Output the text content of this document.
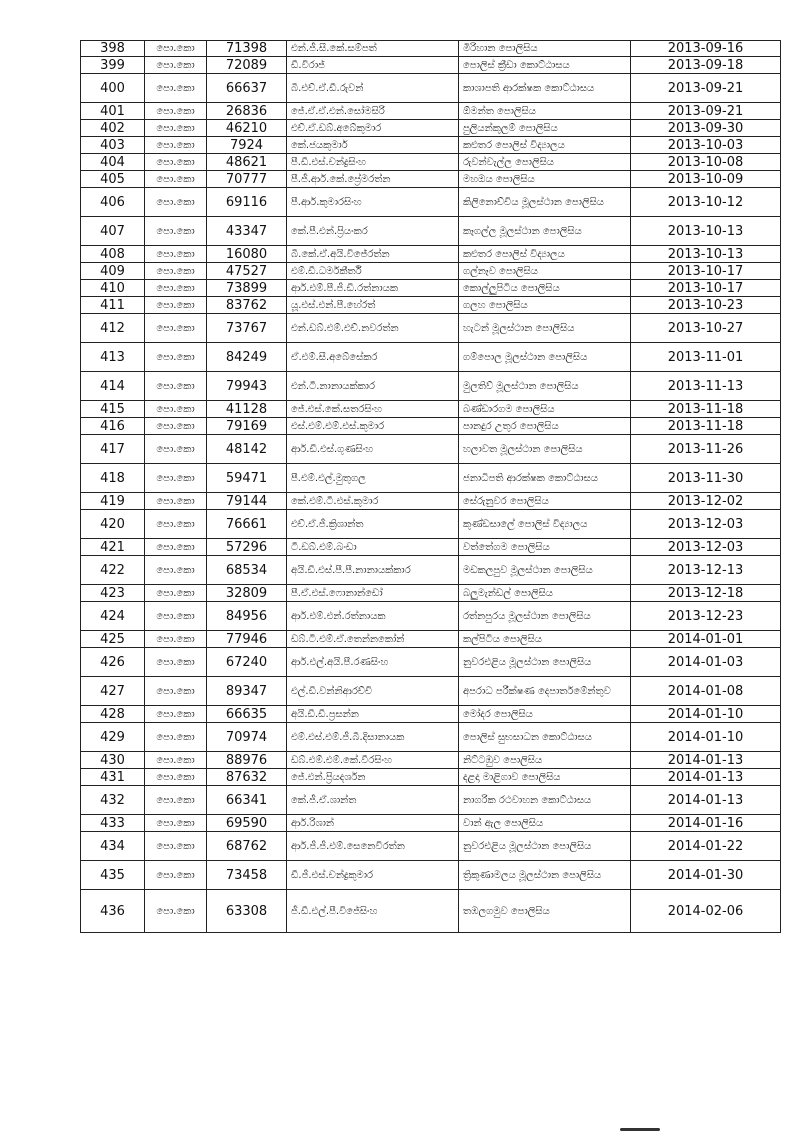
398	පො.කො	71398	එන්.ජී.සී.කේ.සම්පත්	මිරිහාන පොලිසිය	2013-09-16
399	පො.කො	72089	ඩී.විරාජ්	පොලිස් ක්‍රීඩා කොට්ඨාසය	2013-09-18
400	පො.කො	66637	බී.එච්.ඒ.ඩී.රුවන්	කාශාපති ආරක්ෂක කොට්ඨාසය	2013-09-21
401	පො.කො	26836	ජේ.ඒ.ඒ.එන්.සෝමසිරි	ඕමන්ත පොලිසිය	2013-09-21
402	පො.කො	46210	එච්.ඒ.ඩබ්.අබේකුමාර	පුලියන්කුලම් පොලිසිය	2013-09-30
403	පො.කො	7924	කේ.ජයකුමාර්	කළුතර පොලිස් විද්‍යාලය	2013-10-03
404	පො.කො	48621	පී.ඩී.එස්.චන්ද්‍රසිංහ	රුවන්වැල්ල පොලිසිය	2013-10-08
405	පො.කො	70777	පී.ජී.ආර්.කේ.ප්‍රේමරත්න	මහඔය පොලිසිය	2013-10-09
406	පො.කො	69116	පී.ආර්.කුමාරසිංහ	කිලිනොච්චිය මූලස්ථාන පොලිසිය	2013-10-12
407	පො.කො	43347	කේ.පී.එන්.ප්‍රියංකර	කෑගල්ල මූලස්ථාන පොලිසිය	2013-10-13
408	පො.කො	16080	බී.කේ.ඒ.අයි.විජේරත්න	කළුතර පොලිස් විද්‍යාලය	2013-10-13
409	පො.කො	47527	එම්.ඩී.ධර්මකීර්ති	ගල්නෑව පොලිසිය	2013-10-17
410	පො.කො	73899	ආර්.එම්.පී.ජී.ඩී.රත්නායක	කොල්ලුපිටිය පොලිසිය	2013-10-17
411	පො.කො	83762	යූ.එස්.එන්.පී.හේරත්	ගලහ පොලිසිය	2013-10-23
412	පො.කො	73767	එන්.ඩබ්.එම්.එච්.නවරත්න	හැටන් මූලස්ථාන පොලිසිය	2013-10-27
413	පො.කො	84249	ඒ.එම්.සී.අබේසේකර	ගම්පොල මූලස්ථාන පොලිසිය	2013-11-01
414	පො.කො	79943	එන්.ටී.නානායක්කාර	මුලතිව් මූලස්ථාන පොලිසිය	2013-11-13
415	පො.කො	41128	ජේ.එස්.කේ.සතරසිංහ	බණ්ඩාරගම පොලිසිය	2013-11-18
416	පො.කො	79169	එස්.එම්.එම්.එස්.කුමාර	පානදුර උතුර පොලිසිය	2013-11-18
417	පො.කො	48142	ආර්.ඩී.එස්.ගුණසිංහ	හලාවත මූලස්ථාන පොලිසිය	2013-11-26
418	පො.කො	59471	පී.එම්.එල්.මුතුගල	ජනාධිපති ආරක්ෂක කොට්ඨාසය	2013-11-30
419	පො.කො	79144	කේ.එම්.ටී.එස්.කුමාර	සේරුනුවර පොලිසිය	2013-12-02
420	පො.කො	76661	එච්.ඒ.ජී.ක්‍රිශාන්ත	කුණ්ඩසාලේ පොලිස් විද්‍යාලය	2013-12-03
421	පො.කො	57296	ටී.ඩබ්.එම්.බංඩා	වත්තේගම පොලිසිය	2013-12-03
422	පො.කො	68534	අයි.ඩී.එස්.පී.පී.නානායක්කාර	මඩකලපුව මූලස්ථාන පොලිසිය	2013-12-13
423	පො.කො	32809	පී.ඒ.එස්.ෆොනාන්ඩෝ	බලුමැන්ඩල් පොලිසිය	2013-12-18
424	පො.කො	84956	ආර්.එම්.එන්.රත්නායක	රත්නපුරය මූලස්ථාන පොලිසිය	2013-12-23
425	පො.කො	77946	ඩබ්.ටී.එම්.ඒ.තෙන්නකෝන්	කල්පිටිය පොලිසිය	2014-01-01
426	පො.කො	67240	ආර්.එල්.අයි.පී.රණසිංහ	නුවරඑළිය මූලස්ථාන පොලිසිය	2014-01-03
427	පො.කො	89347	එල්.ඩී.වන්නිආරච්චි	අපරාධ පරීක්ෂණ දෙපාර්තමේන්තුව	2014-01-08
428	පො.කො	66635	අයි.ඩී.ඩී.ප්‍රසන්න	මෝදර පොලිසිය	2014-01-10
429	පො.කො	70974	එම්.එස්.එම්.ජී.බී.දිසානායක	පොලිස් සුභසාධන කොට්ඨාසය	2014-01-10
430	පො.කො	88976	ඩබ්.එම්.එම්.කේ.වීරසිංහ	නිට්ටඹුව පොලිසිය	2014-01-13
431	පො.කො	87632	ජේ.එන්.ප්‍රියදර්ශන	දළදා මාළිගාව පොලිසිය	2014-01-13
432	පො.කො	66341	කේ.ජී.ඒ.ශාන්ත	නාගරික රථවාහන කොට්ඨාසය	2014-01-13
433	පො.කො	69590	ආර්.රිශාන්	වාන් ඇල පොලිසිය	2014-01-16
434	පො.කො	68762	ආර්.ජී.ජී.එම්.සෙනෙවිරත්න	නුවරඑළිය මූලස්ථාන පොලිසිය	2014-01-22
435	පො.කො	73458	ඩී.ජී.එස්.චන්ද්‍රකුමාර	ත්‍රිකුණාමලය මූලස්ථාන පොලිසිය	2014-01-30
436	පො.කො	63308	ජී.ඩී.එල්.පී.විජේසිංහ	තඹලගමුව පොලිසිය	2014-02-06
